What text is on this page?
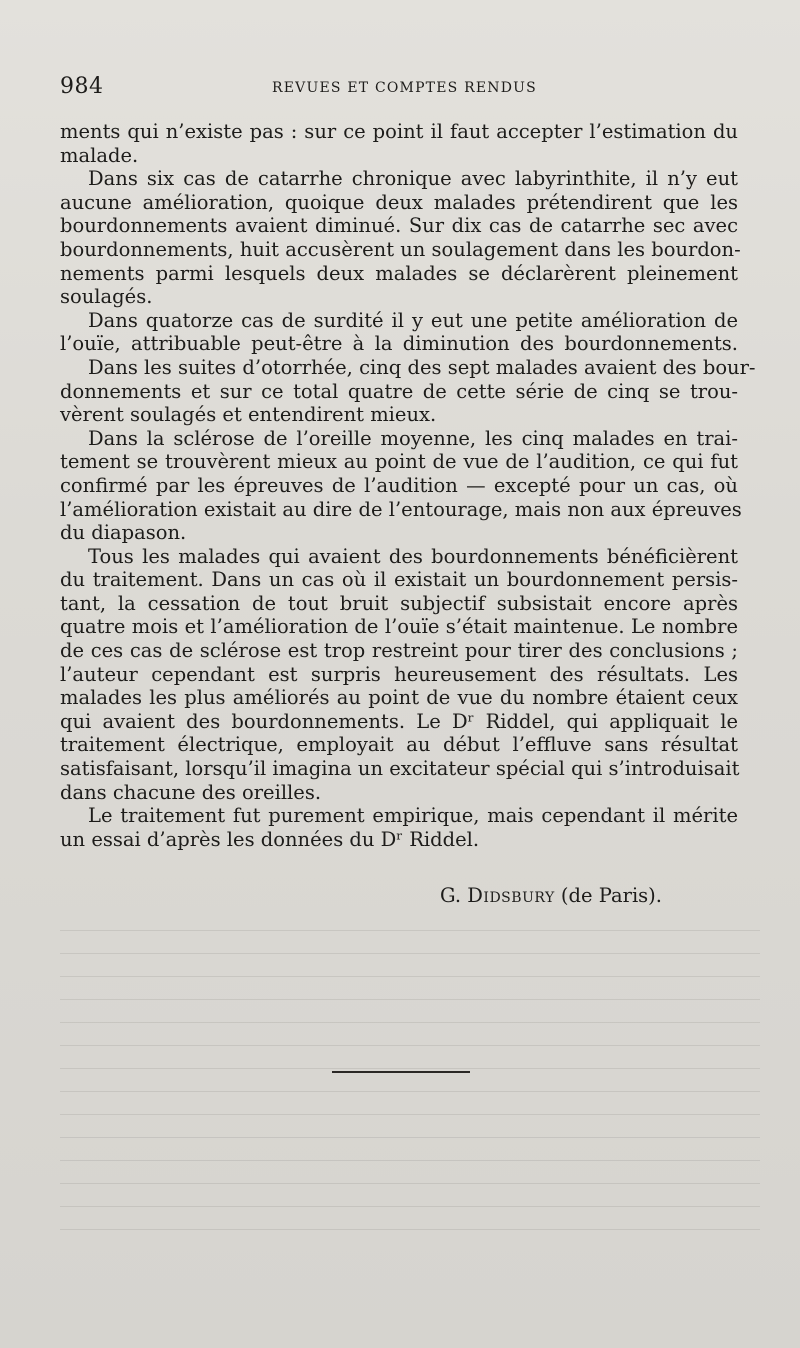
984	REVUES ET COMPTES RENDUS
ments qui n’existe pas : sur ce point il faut accepter l’estimation du
malade.
Dans six cas de catarrhe chronique avec labyrinthite, il n’y eut
aucune amélioration, quoique deux malades prétendirent que les
bourdonnements avaient diminué. Sur dix cas de catarrhe sec avec
bourdonnements, huit accusèrent un soulagement dans les bourdon-
nements parmi lesquels deux malades se déclarèrent pleinement
soulagés.
Dans quatorze cas de surdité il y eut une petite amélioration de
l’ouïe, attribuable peut-être à la diminution des bourdonnements.
Dans les suites d’otorrhée, cinq des sept malades avaient des bour-
donnements et sur ce total quatre de cette série de cinq se trou-
vèrent soulagés et entendirent mieux.
Dans la sclérose de l’oreille moyenne, les cinq malades en trai-
tement se trouvèrent mieux au point de vue de l’audition, ce qui fut
confirmé par les épreuves de l’audition — excepté pour un cas, où
l’amélioration existait au dire de l’entourage, mais non aux épreuves
du diapason.
Tous les malades qui avaient des bourdonnements bénéficièrent
du traitement. Dans un cas où il existait un bourdonnement persis-
tant, la cessation de tout bruit subjectif subsistait encore après
quatre mois et l’amélioration de l’ouïe s’était maintenue. Le nombre
de ces cas de sclérose est trop restreint pour tirer des conclusions ;
l’auteur cependant est surpris heureusement des résultats. Les
malades les plus améliorés au point de vue du nombre étaient ceux
qui avaient des bourdonnements. Le Dʳ Riddel, qui appliquait le
traitement électrique, employait au début l’effluve sans résultat
satisfaisant, lorsqu’il imagina un excitateur spécial qui s’introduisait
dans chacune des oreilles.
Le traitement fut purement empirique, mais cependant il mérite
un essai d’après les données du Dʳ Riddel.
G. Didsbury (de Paris).
